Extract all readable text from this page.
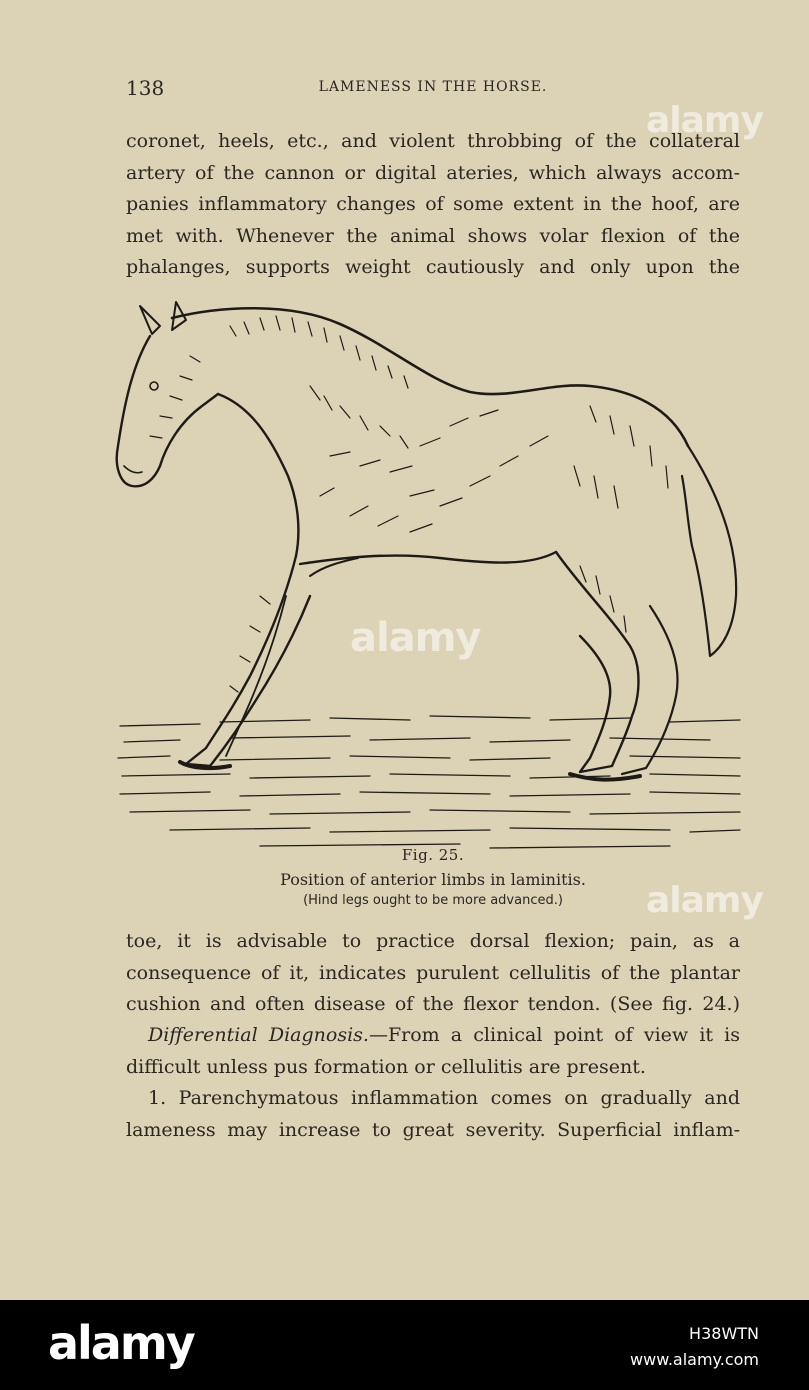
138	LAMENESS IN THE HORSE.
coronet, heels, etc., and violent throbbing of the collateral
artery of the cannon or digital ateries, which always accom-
panies inflammatory changes of some extent in the hoof, are
met with. Whenever the animal shows volar flexion of the
phalanges, supports weight cautiously and only upon the

Fig. 25.

Position of anterior limbs in laminitis.

(Hind legs ought to be more advanced.)

toe, it is advisable to practice dorsal flexion; pain, as a
consequence of it, indicates purulent cellulitis of the plantar
cushion and often disease of the flexor tendon. (See fig. 24.)
Differential Diagnosis.—From a clinical point of view it is
difficult unless pus formation or cellulitis are present.
1. Parenchymatous inflammation comes on gradually and
lameness may increase to great severity. Superficial inflam-
alamy
alamy
alamy
alamy	H38WTN
www.alamy.com
